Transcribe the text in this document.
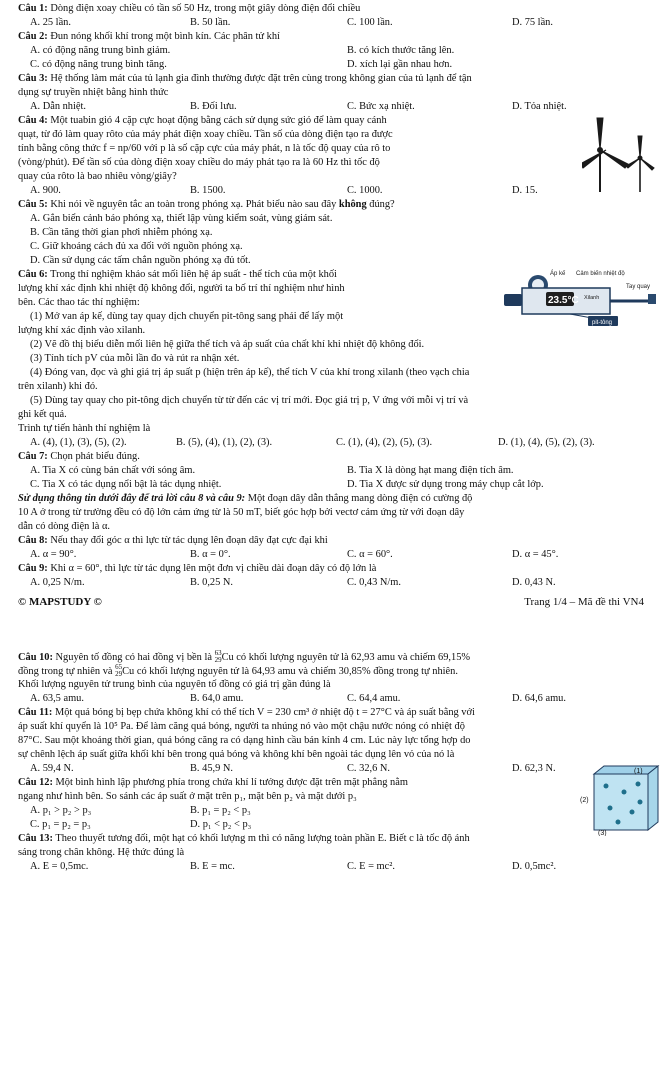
Câu 1: Dòng điện xoay chiều có tần số 50 Hz, trong một giây dòng điện đổi chiều
A. 25 lần.	B. 50 lần.	C. 100 lần.	D. 75 lần.
Câu 2: Đun nóng khối khí trong một bình kín. Các phân tử khí
A. có động năng trung bình giảm.	B. có kích thước tăng lên.
C. có động năng trung bình tăng.	D. xích lại gần nhau hơn.
Câu 3: Hệ thống làm mát của tủ lạnh gia đình thường được đặt trên cùng trong không gian của tủ lạnh để tận
dụng sự truyền nhiệt bằng hình thức
A. Dẫn nhiệt.	B. Đối lưu.	C. Bức xạ nhiệt.	D. Tỏa nhiệt.
Câu 4: Một tuabin gió 4 cặp cực hoạt động bằng cách sử dụng sức gió để làm quay cánh
quạt, từ đó làm quay rôto của máy phát điện xoay chiều. Tần số của dòng điện tạo ra được
tính bằng công thức f = np/60 với p là số cặp cực của máy phát, n là tốc độ quay của rô to
(vòng/phút). Để tần số của dòng điện xoay chiều do máy phát tạo ra là 60 Hz thì tốc độ
quay của rôto là bao nhiêu vòng/giây?
A. 900.	B. 1500.	C. 1000.	D. 15.
Câu 5: Khi nói về nguyên tắc an toàn trong phóng xạ. Phát biểu nào sau đây không đúng?
A. Gắn biển cảnh báo phóng xạ, thiết lập vùng kiểm soát, vùng giám sát.
B. Cần tăng thời gian phơi nhiễm phóng xạ.
C. Giữ khoảng cách đủ xa đối với nguồn phóng xạ.
D. Cần sử dụng các tấm chắn nguồn phóng xạ đủ tốt.
Câu 6: Trong thí nghiệm khảo sát mối liên hệ áp suất - thể tích của một khối
lượng khí xác định khi nhiệt độ không đổi, người ta bố trí thí nghiệm như hình
bên. Các thao tác thí nghiệm:
(1) Mở van áp kế, dùng tay quay dịch chuyển pit-tông sang phải để lấy một
lượng khí xác định vào xilanh.
(2) Vẽ đồ thị biểu diễn mối liên hệ giữa thể tích và áp suất của chất khí khi nhiệt độ không đổi.
(3) Tính tích pV của mỗi lần đo và rút ra nhận xét.
(4) Đóng van, đọc và ghi giá trị áp suất p (hiện trên áp kế), thể tích V của khí trong xilanh (theo vạch chia
trên xilanh) khi đó.
(5) Dùng tay quay cho pit-tông dịch chuyển từ từ đến các vị trí mới. Đọc giá trị p, V ứng với mỗi vị trí và
ghi kết quả.
Trình tự tiến hành thí nghiệm là
A. (4), (1), (3), (5), (2).	B. (5), (4), (1), (2), (3).	C. (1), (4), (2), (5), (3).	D. (1), (4), (5), (2), (3).
Áp kế Cảm biến nhiệt độ
23.5°C Xilanh
Tay quay
pit-tông
Câu 7: Chọn phát biểu đúng.
A. Tia X có cùng bản chất với sóng âm.	B. Tia X là dòng hạt mang điện tích âm.
C. Tia X có tác dụng nổi bật là tác dụng nhiệt.	D. Tia X được sử dụng trong máy chụp cắt lớp.
Sử dụng thông tin dưới đây để trả lời câu 8 và câu 9: Một đoạn dây dẫn thẳng mang dòng điện có cường độ
10 A ở trong từ trường đều có độ lớn cảm ứng từ là 50 mT, biết góc hợp bởi vectơ cảm ứng từ với đoạn dây
dẫn có dòng điện là α.
Câu 8: Nếu thay đổi góc α thì lực từ tác dụng lên đoạn dây đạt cực đại khi
A. α = 90°.	B. α = 0°.	C. α = 60°.	D. α = 45°.
Câu 9: Khi α = 60°, thì lực từ tác dụng lên một đơn vị chiều dài đoạn dây có độ lớn là
A. 0,25 N/m.	B. 0,25 N.	C. 0,43 N/m.	D. 0,43 N.
© MAPSTUDY ©	Trang 1/4 – Mã đề thi VN4
Câu 10: Nguyên tố đồng có hai đồng vị bền là 63
29Cu có khối lượng nguyên tử là 62,93 amu và chiếm 69,15%
đồng trong tự nhiên và 65
29Cu có khối lượng nguyên tử là 64,93 amu và chiếm 30,85% đồng trong tự nhiên.
Khối lượng nguyên tử trung bình của nguyên tố đồng có giá trị gần đúng là
A. 63,5 amu.	B. 64,0 amu.	C. 64,4 amu.	D. 64,6 amu.
Câu 11: Một quả bóng bị bẹp chứa không khí có thể tích V = 230 cm³ ở nhiệt độ t = 27°C và áp suất bằng với
áp suất khí quyển là 10⁵ Pa. Để làm căng quả bóng, người ta nhúng nó vào một chậu nước nóng có nhiệt độ
87°C. Sau một khoảng thời gian, quả bóng căng ra có dạng hình cầu bán kính 4 cm. Lúc này lực tổng hợp do
sự chênh lệch áp suất giữa khối khí bên trong quả bóng và không khí bên ngoài tác dụng lên vỏ của nó là
A. 59,4 N.	B. 45,9 N.	C. 32,6 N.	D. 62,3 N.
Câu 12: Một bình hình lập phương phía trong chứa khí lí tưởng được đặt trên mặt phẳng nằm
ngang như hình bên. So sánh các áp suất ở mặt trên p₁, mặt bên p₂ và mặt dưới p₃
A. p₁ > p₂ > p₃	B. p₁ = p₂ < p₃
C. p₁ = p₂ = p₃	D. p₁ < p₂ < p₃
(1)
(2)
(3)
Câu 13: Theo thuyết tương đối, một hạt có khối lượng m thì có năng lượng toàn phần E. Biết c là tốc độ ánh
sáng trong chân không. Hệ thức đúng là
A. E = 0,5mc.	B. E = mc.	C. E = mc².	D. 0,5mc².
